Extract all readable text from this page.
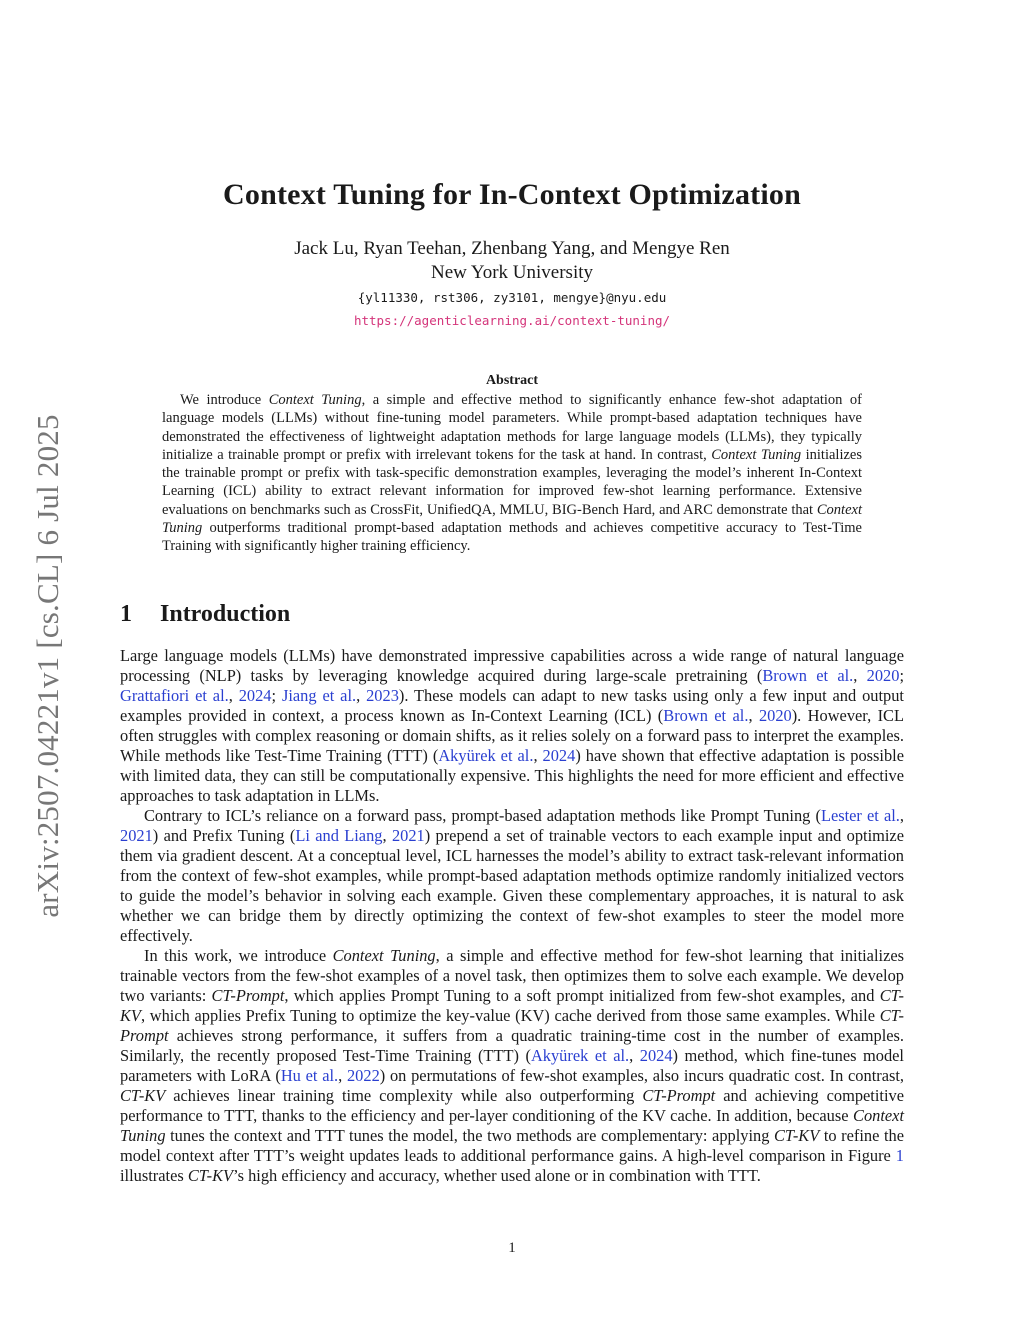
arXiv:2507.04221v1 [cs.CL] 6 Jul 2025
Context Tuning for In-Context Optimization
Jack Lu, Ryan Teehan, Zhenbang Yang, and Mengye Ren
New York University
{yl11330, rst306, zy3101, mengye}@nyu.edu
https://agenticlearning.ai/context-tuning/
Abstract

We introduce Context Tuning, a simple and effective method to significantly enhance few-shot adaptation of language models (LLMs) without fine-tuning model parameters. While prompt-based adaptation techniques have demonstrated the effectiveness of lightweight adaptation methods for large language models (LLMs), they typically initialize a trainable prompt or prefix with irrelevant tokens for the task at hand. In contrast, Context Tuning initializes the trainable prompt or prefix with task-specific demonstration examples, leveraging the model’s inherent In-Context Learning (ICL) ability to extract relevant information for improved few-shot learning performance. Extensive evaluations on benchmarks such as CrossFit, UnifiedQA, MMLU, BIG-Bench Hard, and ARC demonstrate that Context Tuning outperforms traditional prompt-based adaptation methods and achieves competitive accuracy to Test-Time Training with significantly higher training efficiency.

1 Introduction

Large language models (LLMs) have demonstrated impressive capabilities across a wide range of natural language processing (NLP) tasks by leveraging knowledge acquired during large-scale pretraining (Brown et al., 2020; Grattafiori et al., 2024; Jiang et al., 2023). These models can adapt to new tasks using only a few input and output examples provided in context, a process known as In-Context Learning (ICL) (Brown et al., 2020). However, ICL often struggles with complex reasoning or domain shifts, as it relies solely on a forward pass to interpret the examples. While methods like Test-Time Training (TTT) (Akyürek et al., 2024) have shown that effective adaptation is possible with limited data, they can still be computationally expensive. This highlights the need for more efficient and effective approaches to task adaptation in LLMs.

Contrary to ICL’s reliance on a forward pass, prompt-based adaptation methods like Prompt Tuning (Lester et al., 2021) and Prefix Tuning (Li and Liang, 2021) prepend a set of trainable vectors to each example input and optimize them via gradient descent. At a conceptual level, ICL harnesses the model’s ability to extract task-relevant information from the context of few-shot examples, while prompt-based adaptation methods optimize randomly initialized vectors to guide the model’s behavior in solving each example. Given these complementary approaches, it is natural to ask whether we can bridge them by directly optimizing the context of few-shot examples to steer the model more effectively.

In this work, we introduce Context Tuning, a simple and effective method for few-shot learning that initializes trainable vectors from the few-shot examples of a novel task, then optimizes them to solve each example. We develop two variants: CT-Prompt, which applies Prompt Tuning to a soft prompt initialized from few-shot examples, and CT-KV, which applies Prefix Tuning to optimize the key-value (KV) cache derived from those same examples. While CT-Prompt achieves strong performance, it suffers from a quadratic training-time cost in the number of examples. Similarly, the recently proposed Test-Time Training (TTT) (Akyürek et al., 2024) method, which fine-tunes model parameters with LoRA (Hu et al., 2022) on permutations of few-shot examples, also incurs quadratic cost. In contrast, CT-KV achieves linear training time complexity while also outperforming CT-Prompt and achieving competitive performance to TTT, thanks to the efficiency and per-layer conditioning of the KV cache. In addition, because Context Tuning tunes the context and TTT tunes the model, the two methods are complementary: applying CT-KV to refine the model context after TTT’s weight updates leads to additional performance gains. A high-level comparison in Figure 1 illustrates CT-KV’s high efficiency and accuracy, whether used alone or in combination with TTT.

1
